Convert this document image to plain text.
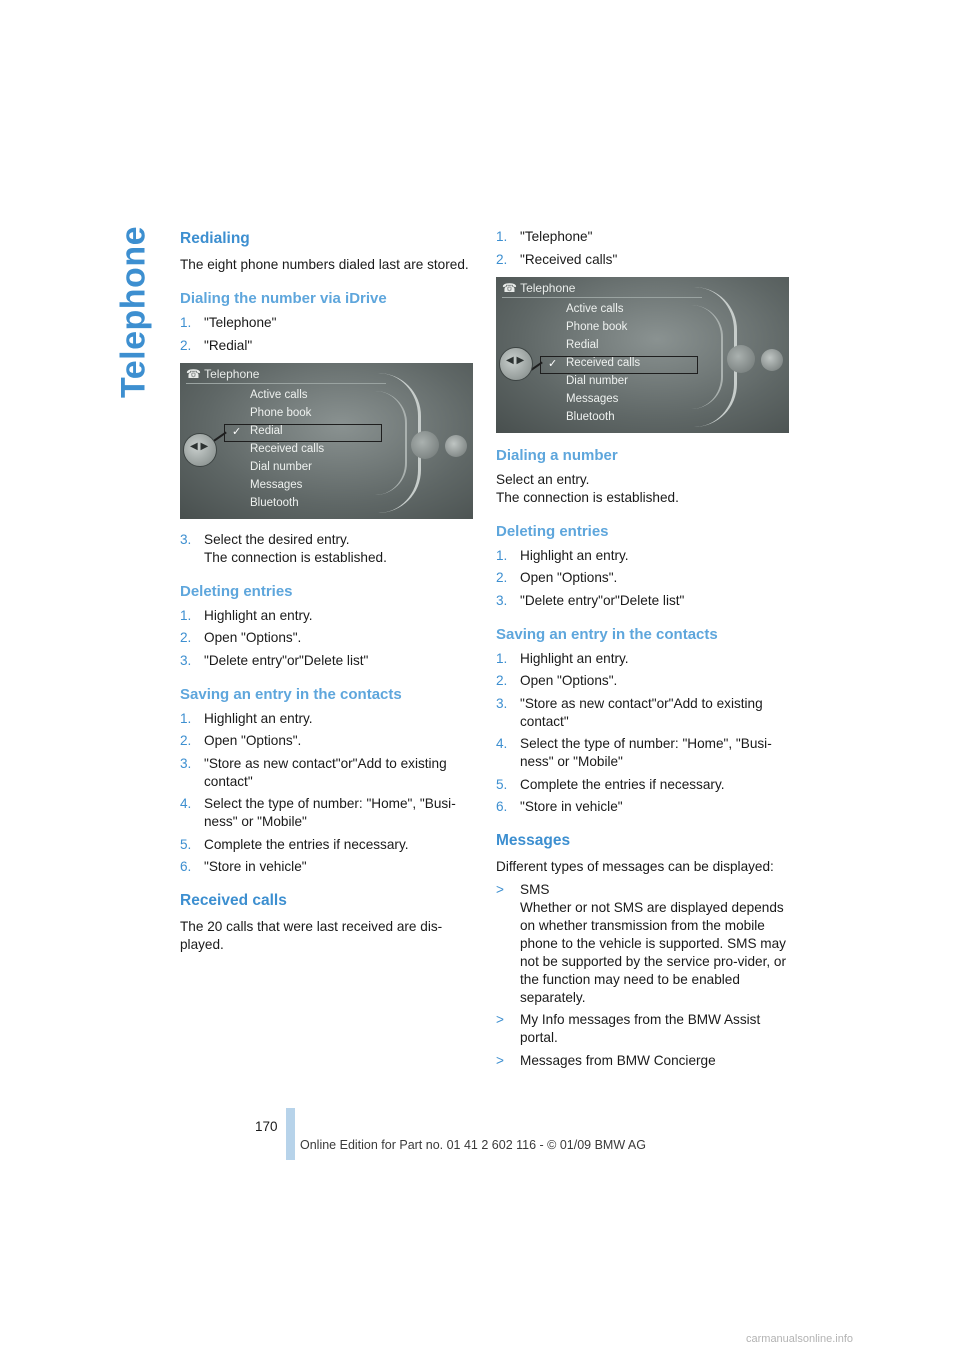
Telephone Redialing

The eight phone numbers dialed last are stored.

Dialing the number via iDrive
1. "Telephone"
2. "Redial"
☎ Telephone
Active calls
Phone book
Redial
Received calls
Dial number
Messages
Bluetooth
✓
◀ ▶
3. Select the desired entry.
The connection is established.
Deleting entries
1. Highlight an entry.
2. Open "Options".
3. "Delete entry"or"Delete list"
Saving an entry in the contacts
1. Highlight an entry.
2. Open "Options".
3. "Store as new contact"or"Add to existing contact"
4. Select the type of number: "Home", "Busi-ness" or "Mobile"
5. Complete the entries if necessary.
6. "Store in vehicle"
Received calls

The 20 calls that were last received are dis-played.

1. "Telephone"
2. "Received calls"
☎ Telephone
Active calls
Phone book
Redial
Received calls
Dial number
Messages
Bluetooth
✓
◀ ▶
Dialing a number

Select an entry.

The connection is established.

Deleting entries
1. Highlight an entry.
2. Open "Options".
3. "Delete entry"or"Delete list"
Saving an entry in the contacts
1. Highlight an entry.
2. Open "Options".
3. "Store as new contact"or"Add to existing contact"
4. Select the type of number: "Home", "Busi-ness" or "Mobile"
5. Complete the entries if necessary.
6. "Store in vehicle"
Messages

Different types of messages can be displayed:

> SMS
Whether or not SMS are displayed depends on whether transmission from the mobile phone to the vehicle is supported. SMS may not be supported by the service pro-vider, or the function may need to be enabled separately.
> My Info messages from the BMW Assist portal.
> Messages from BMW Concierge
170
Online Edition for Part no. 01 41 2 602 116 - © 01/09 BMW AG
carmanualsonline.info
